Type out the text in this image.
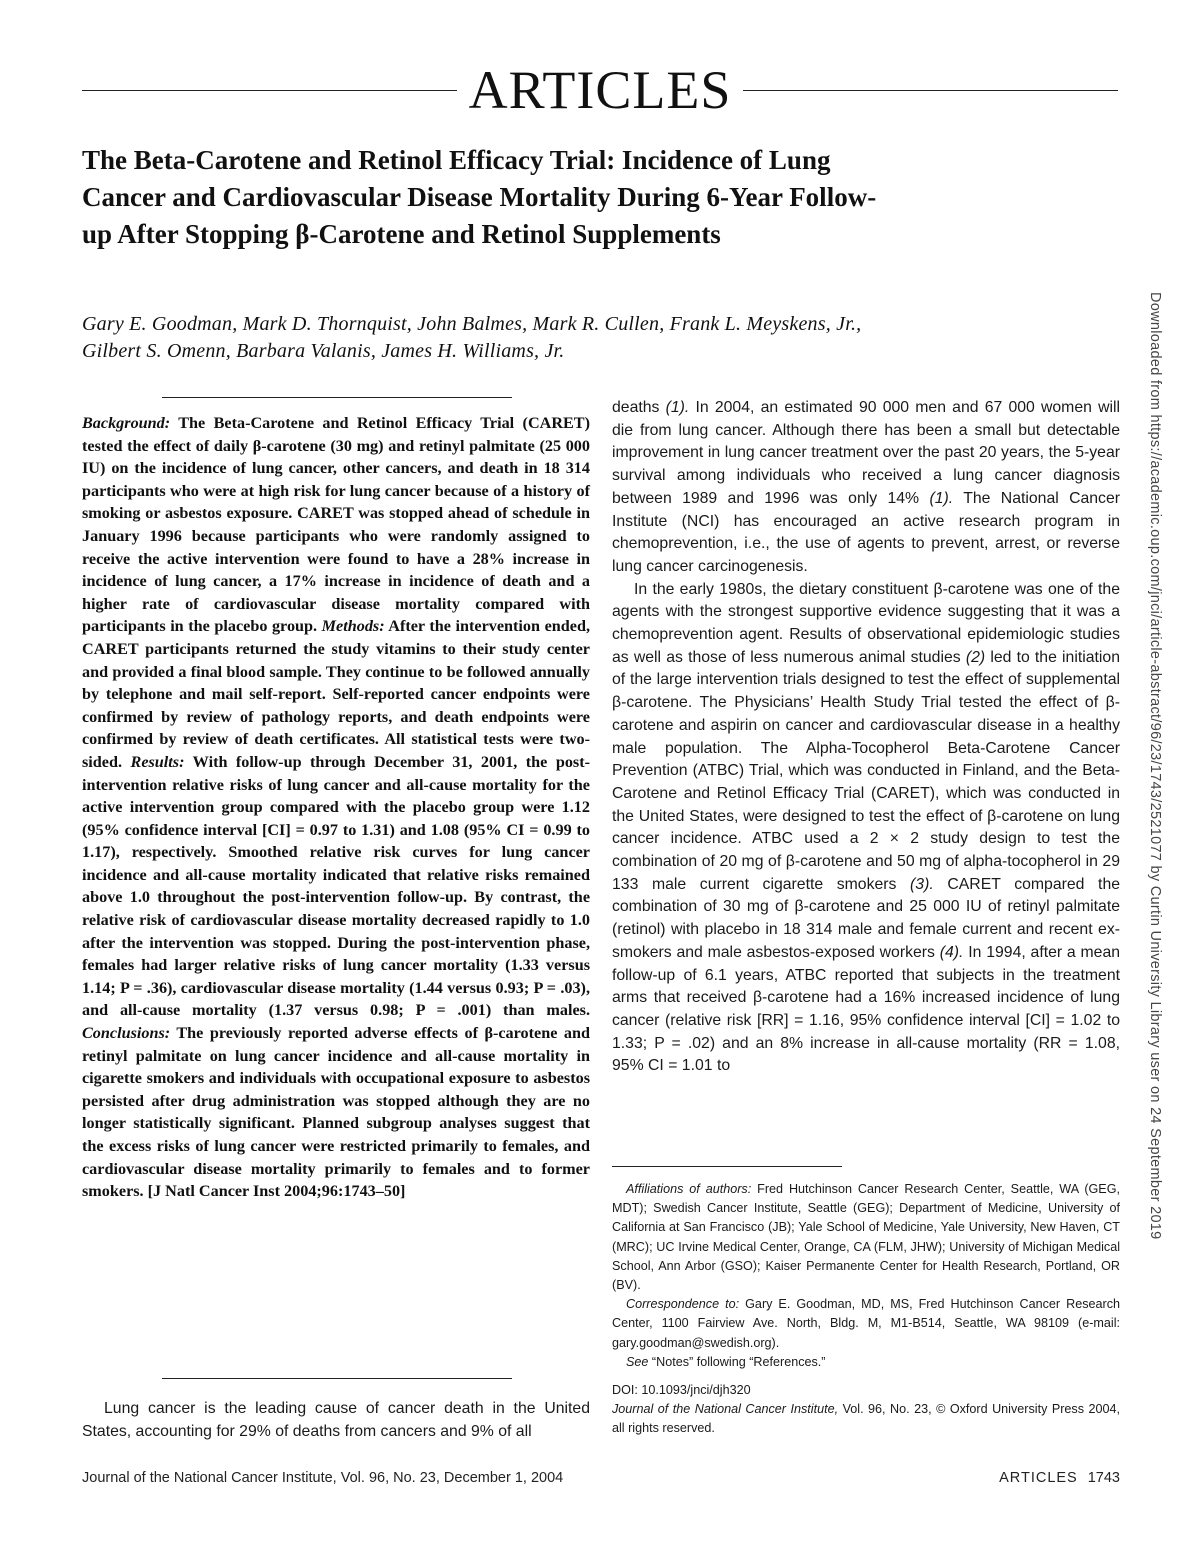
ARTICLES
The Beta-Carotene and Retinol Efficacy Trial: Incidence of Lung Cancer and Cardiovascular Disease Mortality During 6-Year Follow-up After Stopping β-Carotene and Retinol Supplements
Gary E. Goodman, Mark D. Thornquist, John Balmes, Mark R. Cullen, Frank L. Meyskens, Jr., Gilbert S. Omenn, Barbara Valanis, James H. Williams, Jr.
Background: The Beta-Carotene and Retinol Efficacy Trial (CARET) tested the effect of daily β-carotene (30 mg) and retinyl palmitate (25 000 IU) on the incidence of lung cancer, other cancers, and death in 18 314 participants who were at high risk for lung cancer because of a history of smoking or asbestos exposure. CARET was stopped ahead of schedule in January 1996 because participants who were randomly assigned to receive the active intervention were found to have a 28% increase in incidence of lung cancer, a 17% increase in incidence of death and a higher rate of cardiovascular disease mortality compared with participants in the placebo group. Methods: After the intervention ended, CARET participants returned the study vitamins to their study center and provided a final blood sample. They continue to be followed annually by telephone and mail self-report. Self-reported cancer endpoints were confirmed by review of pathology reports, and death endpoints were confirmed by review of death certificates. All statistical tests were two-sided. Results: With follow-up through December 31, 2001, the post-intervention relative risks of lung cancer and all-cause mortality for the active intervention group compared with the placebo group were 1.12 (95% confidence interval [CI] = 0.97 to 1.31) and 1.08 (95% CI = 0.99 to 1.17), respectively. Smoothed relative risk curves for lung cancer incidence and all-cause mortality indicated that relative risks remained above 1.0 throughout the post-intervention follow-up. By contrast, the relative risk of cardiovascular disease mortality decreased rapidly to 1.0 after the intervention was stopped. During the post-intervention phase, females had larger relative risks of lung cancer mortality (1.33 versus 1.14; P = .36), cardiovascular disease mortality (1.44 versus 0.93; P = .03), and all-cause mortality (1.37 versus 0.98; P = .001) than males. Conclusions: The previously reported adverse effects of β-carotene and retinyl palmitate on lung cancer incidence and all-cause mortality in cigarette smokers and individuals with occupational exposure to asbestos persisted after drug administration was stopped although they are no longer statistically significant. Planned subgroup analyses suggest that the excess risks of lung cancer were restricted primarily to females, and cardiovascular disease mortality primarily to females and to former smokers. [J Natl Cancer Inst 2004;96:1743–50]

Lung cancer is the leading cause of cancer death in the United States, accounting for 29% of deaths from cancers and 9% of all

deaths (1). In 2004, an estimated 90 000 men and 67 000 women will die from lung cancer. Although there has been a small but detectable improvement in lung cancer treatment over the past 20 years, the 5-year survival among individuals who received a lung cancer diagnosis between 1989 and 1996 was only 14% (1). The National Cancer Institute (NCI) has encouraged an active research program in chemoprevention, i.e., the use of agents to prevent, arrest, or reverse lung cancer carcinogenesis.

In the early 1980s, the dietary constituent β-carotene was one of the agents with the strongest supportive evidence suggesting that it was a chemoprevention agent. Results of observational epidemiologic studies as well as those of less numerous animal studies (2) led to the initiation of the large intervention trials designed to test the effect of supplemental β-carotene. The Physicians’ Health Study Trial tested the effect of β-carotene and aspirin on cancer and cardiovascular disease in a healthy male population. The Alpha-Tocopherol Beta-Carotene Cancer Prevention (ATBC) Trial, which was conducted in Finland, and the Beta-Carotene and Retinol Efficacy Trial (CARET), which was conducted in the United States, were designed to test the effect of β-carotene on lung cancer incidence. ATBC used a 2 × 2 study design to test the combination of 20 mg of β-carotene and 50 mg of alpha-tocopherol in 29 133 male current cigarette smokers (3). CARET compared the combination of 30 mg of β-carotene and 25 000 IU of retinyl palmitate (retinol) with placebo in 18 314 male and female current and recent ex-smokers and male asbestos-exposed workers (4). In 1994, after a mean follow-up of 6.1 years, ATBC reported that subjects in the treatment arms that received β-carotene had a 16% increased incidence of lung cancer (relative risk [RR] = 1.16, 95% confidence interval [CI] = 1.02 to 1.33; P = .02) and an 8% increase in all-cause mortality (RR = 1.08, 95% CI = 1.01 to

Affiliations of authors: Fred Hutchinson Cancer Research Center, Seattle, WA (GEG, MDT); Swedish Cancer Institute, Seattle (GEG); Department of Medicine, University of California at San Francisco (JB); Yale School of Medicine, Yale University, New Haven, CT (MRC); UC Irvine Medical Center, Orange, CA (FLM, JHW); University of Michigan Medical School, Ann Arbor (GSO); Kaiser Permanente Center for Health Research, Portland, OR (BV).

Correspondence to: Gary E. Goodman, MD, MS, Fred Hutchinson Cancer Research Center, 1100 Fairview Ave. North, Bldg. M, M1-B514, Seattle, WA 98109 (e-mail: gary.goodman@swedish.org).

See “Notes” following “References.”

DOI: 10.1093/jnci/djh320

Journal of the National Cancer Institute, Vol. 96, No. 23, © Oxford University Press 2004, all rights reserved.

Journal of the National Cancer Institute, Vol. 96, No. 23, December 1, 2004	ARTICLES 1743
Downloaded from https://academic.oup.com/jnci/article-abstract/96/23/1743/2521077 by Curtin University Library user on 24 September 2019
